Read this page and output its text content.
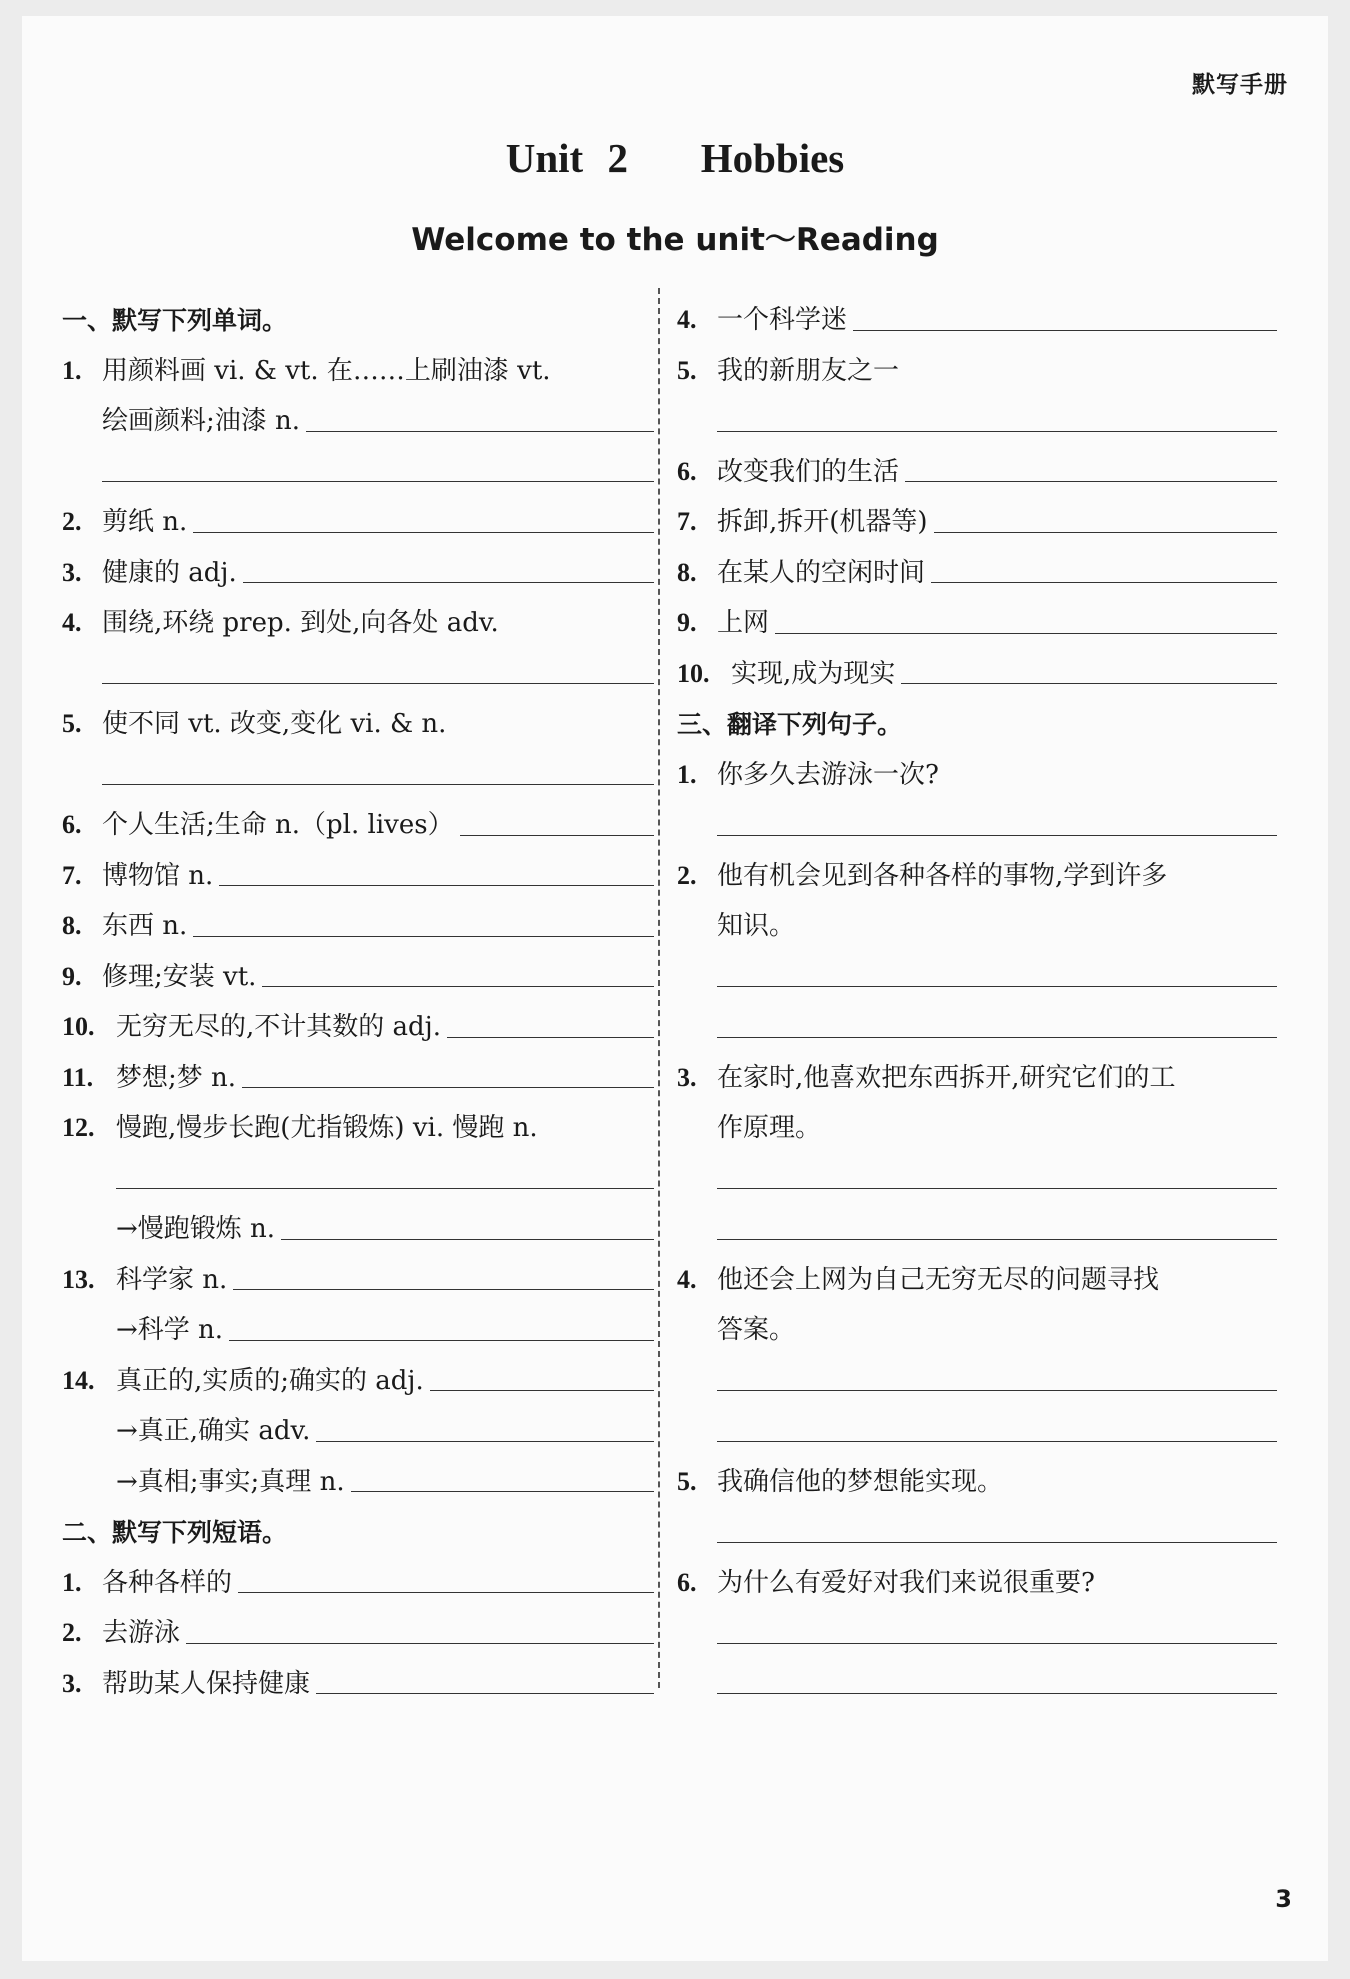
默写手册
Unit 2   Hobbies
Welcome to the unit～Reading
一、默写下列单词。
1. 用颜料画 vi. & vt. 在……上刷油漆 vt.
绘画颜料;油漆 n.
2. 剪纸 n.
3. 健康的 adj.
4. 围绕,环绕 prep. 到处,向各处 adv.
5. 使不同 vt. 改变,变化 vi. & n.
6. 个人生活;生命 n.（pl. lives）
7. 博物馆 n.
8. 东西 n.
9. 修理;安装 vt.
10. 无穷无尽的,不计其数的 adj.
11. 梦想;梦 n.
12. 慢跑,慢步长跑(尤指锻炼) vi. 慢跑 n.
→慢跑锻炼 n.
13. 科学家 n.
→科学 n.
14. 真正的,实质的;确实的 adj.
→真正,确实 adv.
→真相;事实;真理 n.
二、默写下列短语。
1. 各种各样的
2. 去游泳
3. 帮助某人保持健康
4. 一个科学迷
5. 我的新朋友之一
6. 改变我们的生活
7. 拆卸,拆开(机器等)
8. 在某人的空闲时间
9. 上网
10. 实现,成为现实
三、翻译下列句子。
1. 你多久去游泳一次?
2. 他有机会见到各种各样的事物,学到许多
知识。
3. 在家时,他喜欢把东西拆开,研究它们的工
作原理。
4. 他还会上网为自己无穷无尽的问题寻找
答案。
5. 我确信他的梦想能实现。
6. 为什么有爱好对我们来说很重要?
3
